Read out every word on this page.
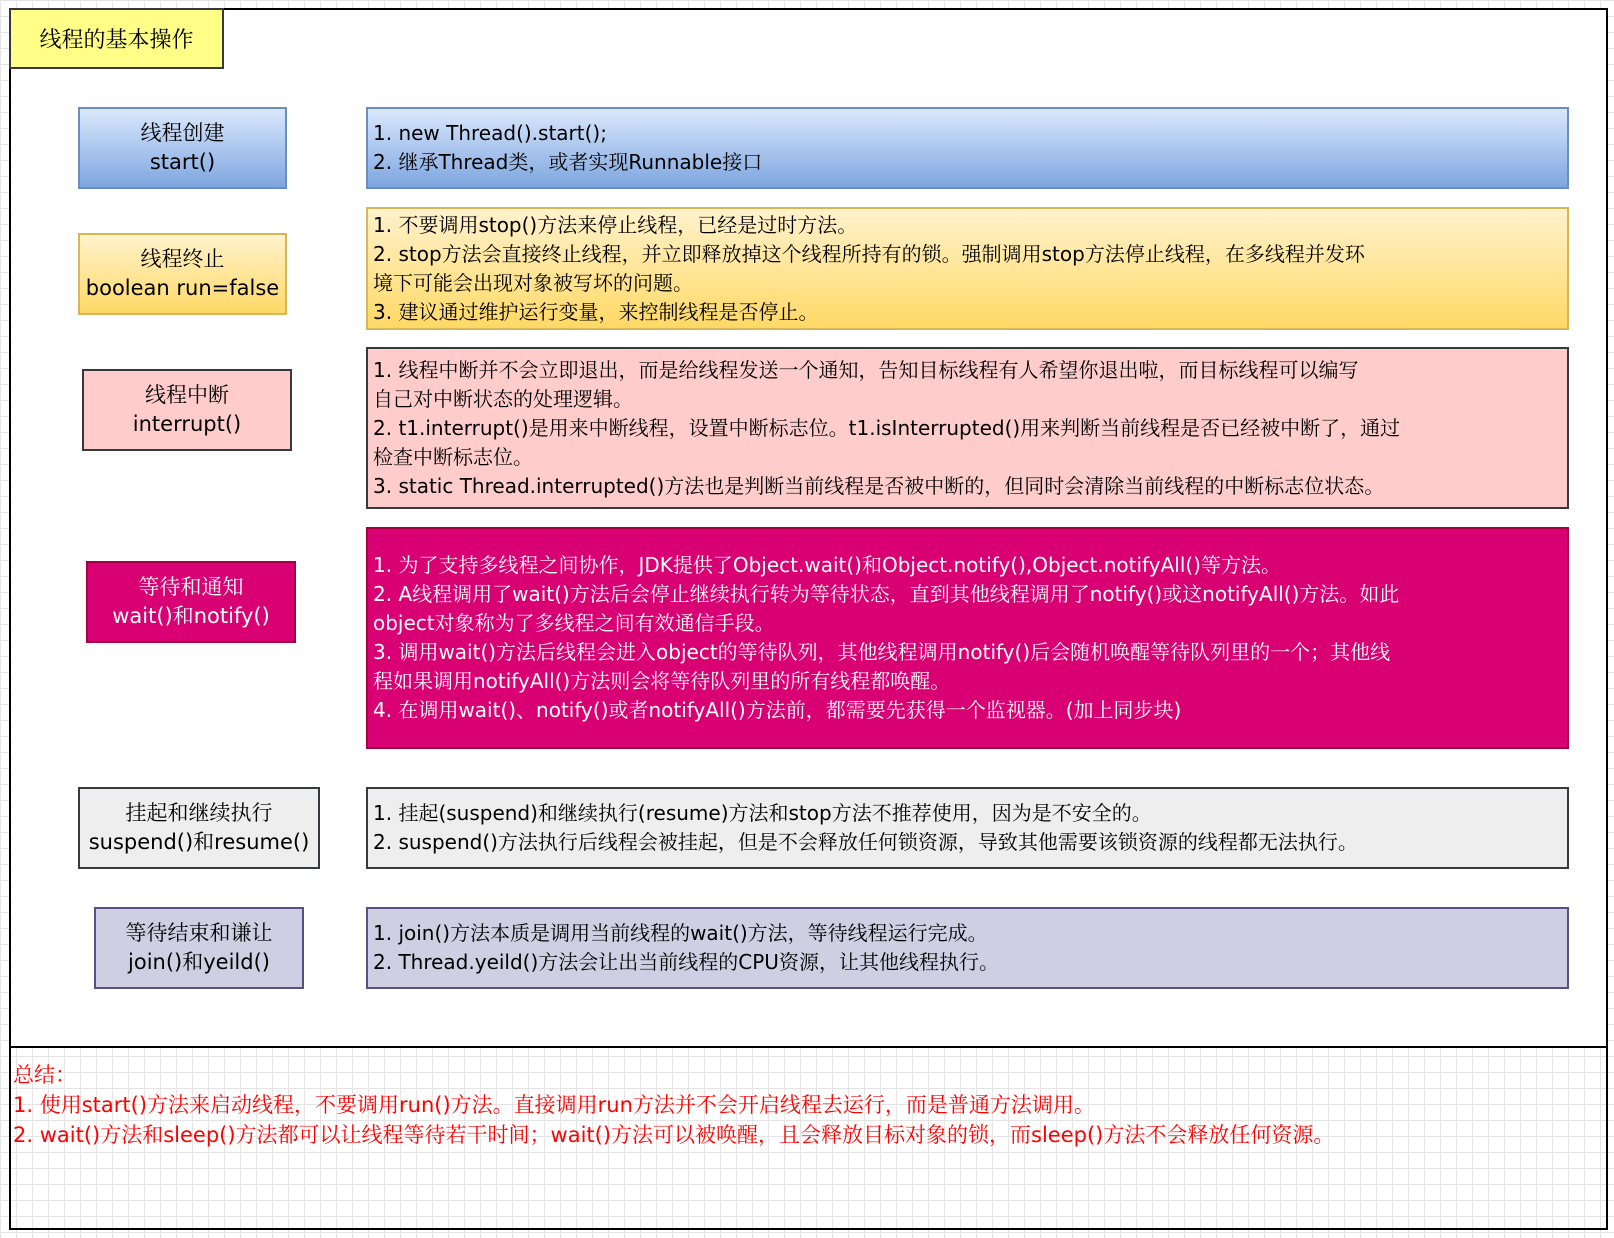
线程的基本操作
线程创建
start()
1. new Thread().start();
2. 继承Thread类，或者实现Runnable接口
线程终止
boolean run=false
1. 不要调用stop()方法来停止线程，已经是过时方法。
2. stop方法会直接终止线程，并立即释放掉这个线程所持有的锁。强制调用stop方法停止线程，在多线程并发环
境下可能会出现对象被写坏的问题。
3. 建议通过维护运行变量，来控制线程是否停止。
线程中断
interrupt()
1. 线程中断并不会立即退出，而是给线程发送一个通知，告知目标线程有人希望你退出啦，而目标线程可以编写
自己对中断状态的处理逻辑。
2. t1.interrupt()是用来中断线程，设置中断标志位。t1.isInterrupted()用来判断当前线程是否已经被中断了，通过
检查中断标志位。
3. static Thread.interrupted()方法也是判断当前线程是否被中断的，但同时会清除当前线程的中断标志位状态。
等待和通知
wait()和notify()
1. 为了支持多线程之间协作，JDK提供了Object.wait()和Object.notify(),Object.notifyAll()等方法。
2. A线程调用了wait()方法后会停止继续执行转为等待状态，直到其他线程调用了notify()或这notifyAll()方法。如此
object对象称为了多线程之间有效通信手段。
3. 调用wait()方法后线程会进入object的等待队列，其他线程调用notify()后会随机唤醒等待队列里的一个；其他线
程如果调用notifyAll()方法则会将等待队列里的所有线程都唤醒。
4. 在调用wait()、notify()或者notifyAll()方法前，都需要先获得一个监视器。(加上同步块)
挂起和继续执行
suspend()和resume()
1. 挂起(suspend)和继续执行(resume)方法和stop方法不推荐使用，因为是不安全的。
2. suspend()方法执行后线程会被挂起，但是不会释放任何锁资源，导致其他需要该锁资源的线程都无法执行。
等待结束和谦让
join()和yeild()
1. join()方法本质是调用当前线程的wait()方法，等待线程运行完成。
2. Thread.yeild()方法会让出当前线程的CPU资源，让其他线程执行。
总结：
1. 使用start()方法来启动线程，不要调用run()方法。直接调用run方法并不会开启线程去运行，而是普通方法调用。
2. wait()方法和sleep()方法都可以让线程等待若干时间；wait()方法可以被唤醒，且会释放目标对象的锁，而sleep()方法不会释放任何资源。
